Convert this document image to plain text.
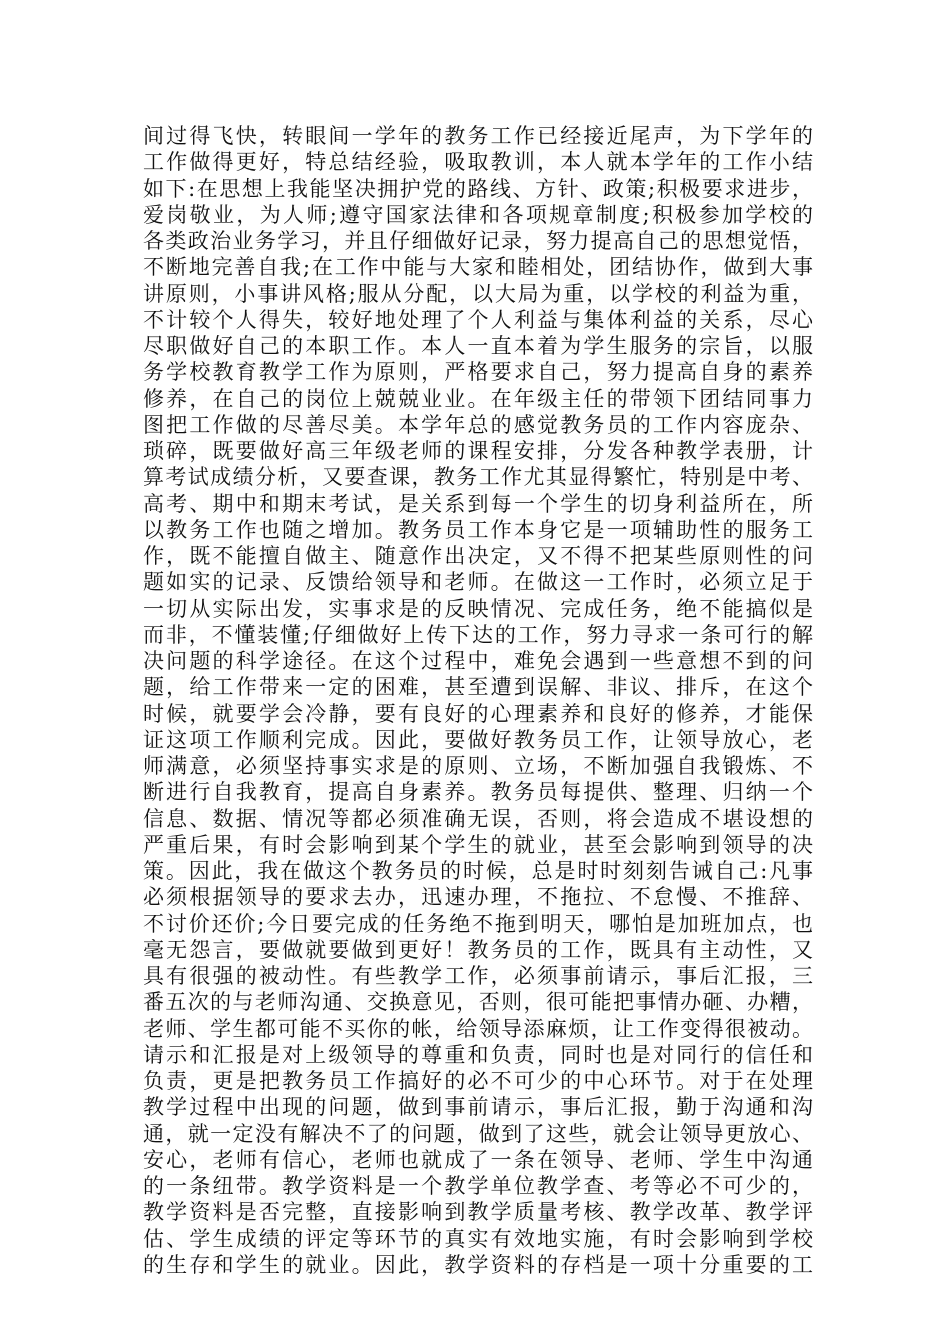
间过得飞快，转眼间一学年的教务工作已经接近尾声，为下学年的
工作做得更好，特总结经验，吸取教训，本人就本学年的工作小结
如下:在思想上我能坚决拥护党的路线、方针、政策;积极要求进步，
爱岗敬业，为人师;遵守国家法律和各项规章制度;积极参加学校的
各类政治业务学习，并且仔细做好记录，努力提高自己的思想觉悟，
不断地完善自我;在工作中能与大家和睦相处，团结协作，做到大事
讲原则，小事讲风格;服从分配，以大局为重，以学校的利益为重，
不计较个人得失，较好地处理了个人利益与集体利益的关系，尽心
尽职做好自己的本职工作。本人一直本着为学生服务的宗旨，以服
务学校教育教学工作为原则，严格要求自己，努力提高自身的素养
修养，在自己的岗位上兢兢业业。在年级主任的带领下团结同事力
图把工作做的尽善尽美。本学年总的感觉教务员的工作内容庞杂、
琐碎，既要做好高三年级老师的课程安排，分发各种教学表册，计
算考试成绩分析，又要查课，教务工作尤其显得繁忙，特别是中考、
高考、期中和期末考试，是关系到每一个学生的切身利益所在，所
以教务工作也随之增加。教务员工作本身它是一项辅助性的服务工
作，既不能擅自做主、随意作出决定，又不得不把某些原则性的问
题如实的记录、反馈给领导和老师。在做这一工作时，必须立足于
一切从实际出发，实事求是的反映情况、完成任务，绝不能搞似是
而非，不懂装懂;仔细做好上传下达的工作，努力寻求一条可行的解
决问题的科学途径。在这个过程中，难免会遇到一些意想不到的问
题，给工作带来一定的困难，甚至遭到误解、非议、排斥，在这个
时候，就要学会冷静，要有良好的心理素养和良好的修养，才能保
证这项工作顺利完成。因此，要做好教务员工作，让领导放心，老
师满意，必须坚持事实求是的原则、立场，不断加强自我锻炼、不
断进行自我教育，提高自身素养。教务员每提供、整理、归纳一个
信息、数据、情况等都必须准确无误，否则，将会造成不堪设想的
严重后果，有时会影响到某个学生的就业，甚至会影响到领导的决
策。因此，我在做这个教务员的时候，总是时时刻刻告诫自己:凡事
必须根据领导的要求去办，迅速办理，不拖拉、不怠慢、不推辞、
不讨价还价;今日要完成的任务绝不拖到明天，哪怕是加班加点，也
毫无怨言，要做就要做到更好！教务员的工作，既具有主动性，又
具有很强的被动性。有些教学工作，必须事前请示，事后汇报，三
番五次的与老师沟通、交换意见，否则，很可能把事情办砸、办糟，
老师、学生都可能不买你的帐，给领导添麻烦，让工作变得很被动。
请示和汇报是对上级领导的尊重和负责，同时也是对同行的信任和
负责，更是把教务员工作搞好的必不可少的中心环节。对于在处理
教学过程中出现的问题，做到事前请示，事后汇报，勤于沟通和沟
通，就一定没有解决不了的问题，做到了这些，就会让领导更放心、
安心，老师有信心，老师也就成了一条在领导、老师、学生中沟通
的一条纽带。教学资料是一个教学单位教学查、考等必不可少的，
教学资料是否完整，直接影响到教学质量考核、教学改革、教学评
估、学生成绩的评定等环节的真实有效地实施，有时会影响到学校
的生存和学生的就业。因此，教学资料的存档是一项十分重要的工
